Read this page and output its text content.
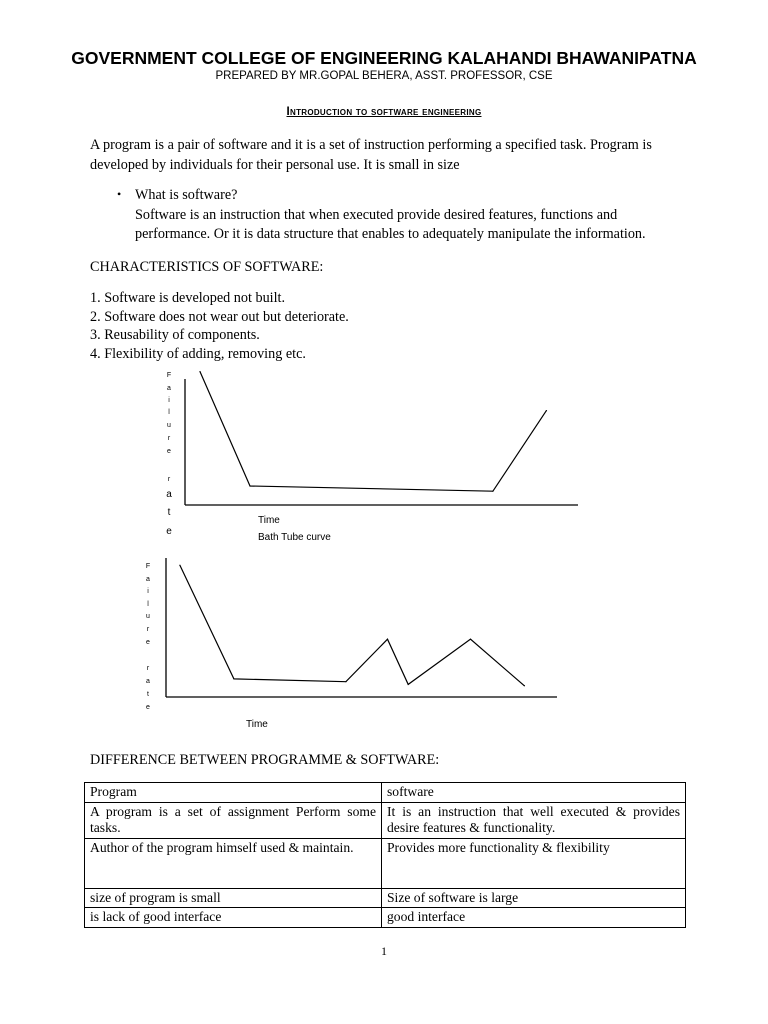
GOVERNMENT COLLEGE OF ENGINEERING KALAHANDI BHAWANIPATNA
PREPARED BY MR.GOPAL BEHERA, ASST. PROFESSOR, CSE
Introduction to software engineering
A program is a pair of software and it is a set of instruction performing a specified task. Program is developed by individuals for their personal use. It is small in size
• What is software?
Software is an instruction that when executed provide desired features, functions and performance. Or it is data structure that enables to adequately manipulate the information.
CHARACTERISTICS OF SOFTWARE:
1. Software is developed not built.
2. Software does not wear out but deteriorate.
3. Reusability of components.
4. Flexibility of adding, removing etc.
F
a
i
l
u
r
e
r
a
t
e
Time
Bath Tube curve
F
a
i
l
u
r
e
r
a
t
e
Time
DIFFERENCE BETWEEN PROGRAMME & SOFTWARE:
Program	software
A program is a set of assignment Perform some tasks.	It is an instruction that well executed & provides desire features & functionality.
Author of the program himself used & maintain.	Provides more functionality & flexibility
size of program is small	Size of software is large
is lack of good interface	good interface
1
